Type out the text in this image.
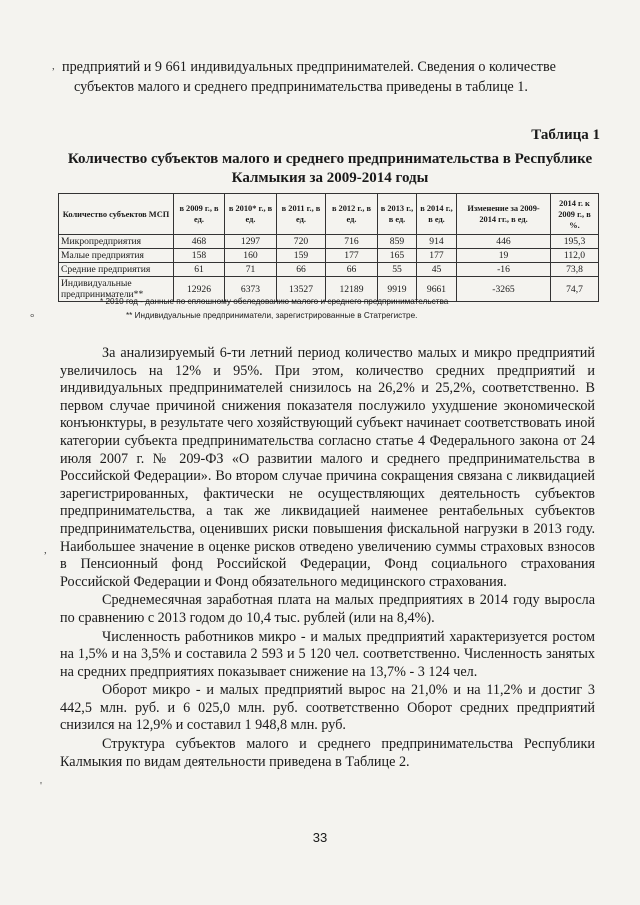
,
°
,
'

предприятий и 9 661 индивидуальных предпринимателей. Сведения о количестве субъектов малого и среднего предпринимательства приведены в таблице 1.

Таблица 1
Количество субъектов малого и среднего предпринимательства в Республике Калмыкия за 2009-2014 годы
Количество субъектов МСП	в 2009 г., в ед.	в 2010* г., в ед.	в 2011 г., в ед.	в 2012 г., в ед.	в 2013 г., в ед.	в 2014 г., в ед.	Изменение за 2009-2014 гг., в ед.	2014 г. к 2009 г., в %.
Микропредприятия	468	1297	720	716	859	914	446	195,3
Малые предприятия	158	160	159	177	165	177	19	112,0
Средние предприятия	61	71	66	66	55	45	-16	73,8
Индивидуальные предприниматели**	12926	6373	13527	12189	9919	9661	-3265	74,7
* 2010 год - данные по сплошному обследованию малого и среднего предпринимательства
** Индивидуальные предприниматели, зарегистрированные в Статрегистре.

За анализируемый 6-ти летний период количество малых и микро предприятий увеличилось на 12% и 95%. При этом, количество средних предприятий и индивидуальных предпринимателей снизилось на 26,2% и 25,2%, соответственно. В первом случае причиной снижения показателя послужило ухудшение экономической конъюнктуры, в результате чего хозяйствующий субъект начинает соответствовать иной категории субъекта предпринимательства согласно статье 4 Федерального закона от 24 июля 2007 г. № 209-ФЗ «О развитии малого и среднего предпринимательства в Российской Федерации». Во втором случае причина сокращения связана с ликвидацией зарегистрированных, фактически не осуществляющих деятельность субъектов предпринимательства, а так же ликвидацией наименее рентабельных субъектов предпринимательства, оценивших риски повышения фискальной нагрузки в 2013 году. Наибольшее значение в оценке рисков отведено увеличению суммы страховых взносов в Пенсионный фонд Российской Федерации, Фонд социального страхования Российской Федерации и Фонд обязательного медицинского страхования.

Среднемесячная заработная плата на малых предприятиях в 2014 году выросла по сравнению с 2013 годом до 10,4 тыс. рублей (или на 8,4%).

Численность работников микро - и малых предприятий характеризуется ростом на 1,5% и на 3,5% и составила 2 593 и 5 120 чел. соответственно. Численность занятых на средних предприятиях показывает снижение на 13,7% - 3 124 чел.

Оборот микро - и малых предприятий вырос на 21,0% и на 11,2% и достиг 3 442,5 млн. руб. и 6 025,0 млн. руб. соответственно Оборот средних предприятий снизился на 12,9% и составил 1 948,8 млн. руб.

Структура субъектов малого и среднего предпринимательства Республики Калмыкия по видам деятельности приведена в Таблице 2.

33
